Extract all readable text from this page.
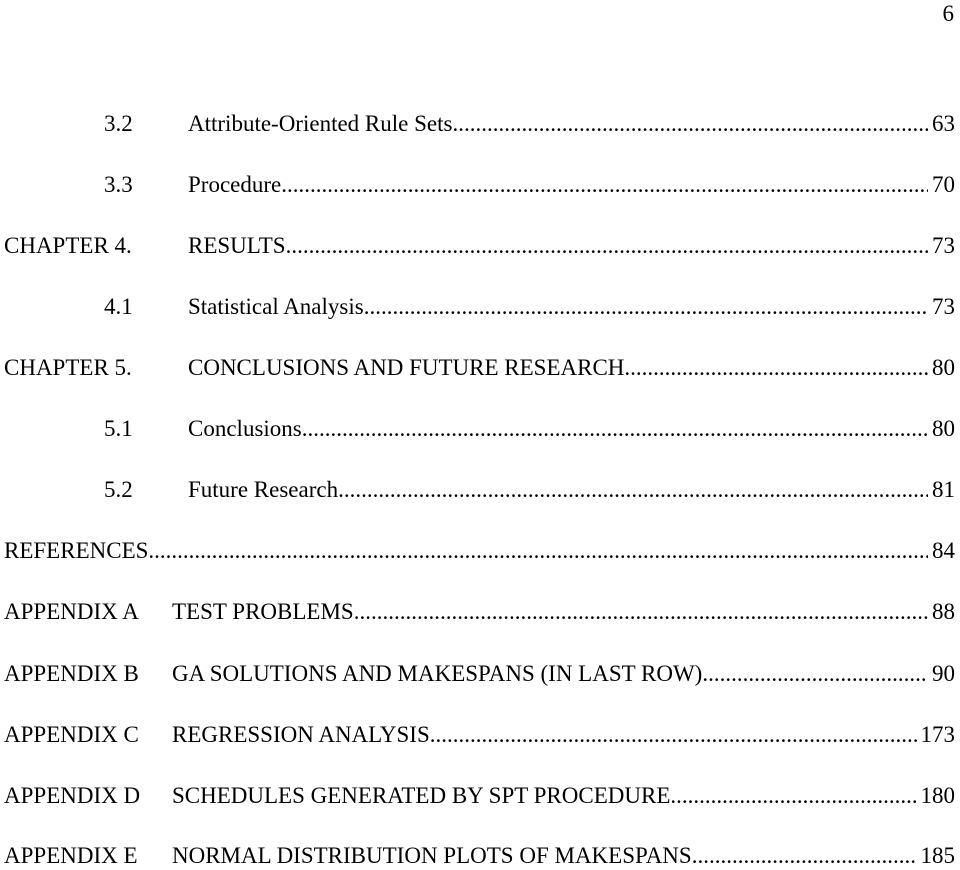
6
3.2	Attribute-Oriented Rule Sets .....	63
3.3	Procedure .....	70
CHAPTER 4.	RESULTS .....	73
4.1	Statistical Analysis .....	73
CHAPTER 5.	CONCLUSIONS AND FUTURE RESEARCH .....	80
5.1	Conclusions .....	80
5.2	Future Research .....	81
REFERENCES .....	84
APPENDIX A	TEST PROBLEMS .....	88
APPENDIX B	GA SOLUTIONS AND MAKESPANS (IN LAST ROW) .....	90
APPENDIX C	REGRESSION ANALYSIS .....	173
APPENDIX D	SCHEDULES GENERATED BY SPT PROCEDURE .....	180
APPENDIX E	NORMAL DISTRIBUTION PLOTS OF MAKESPANS .....	185
